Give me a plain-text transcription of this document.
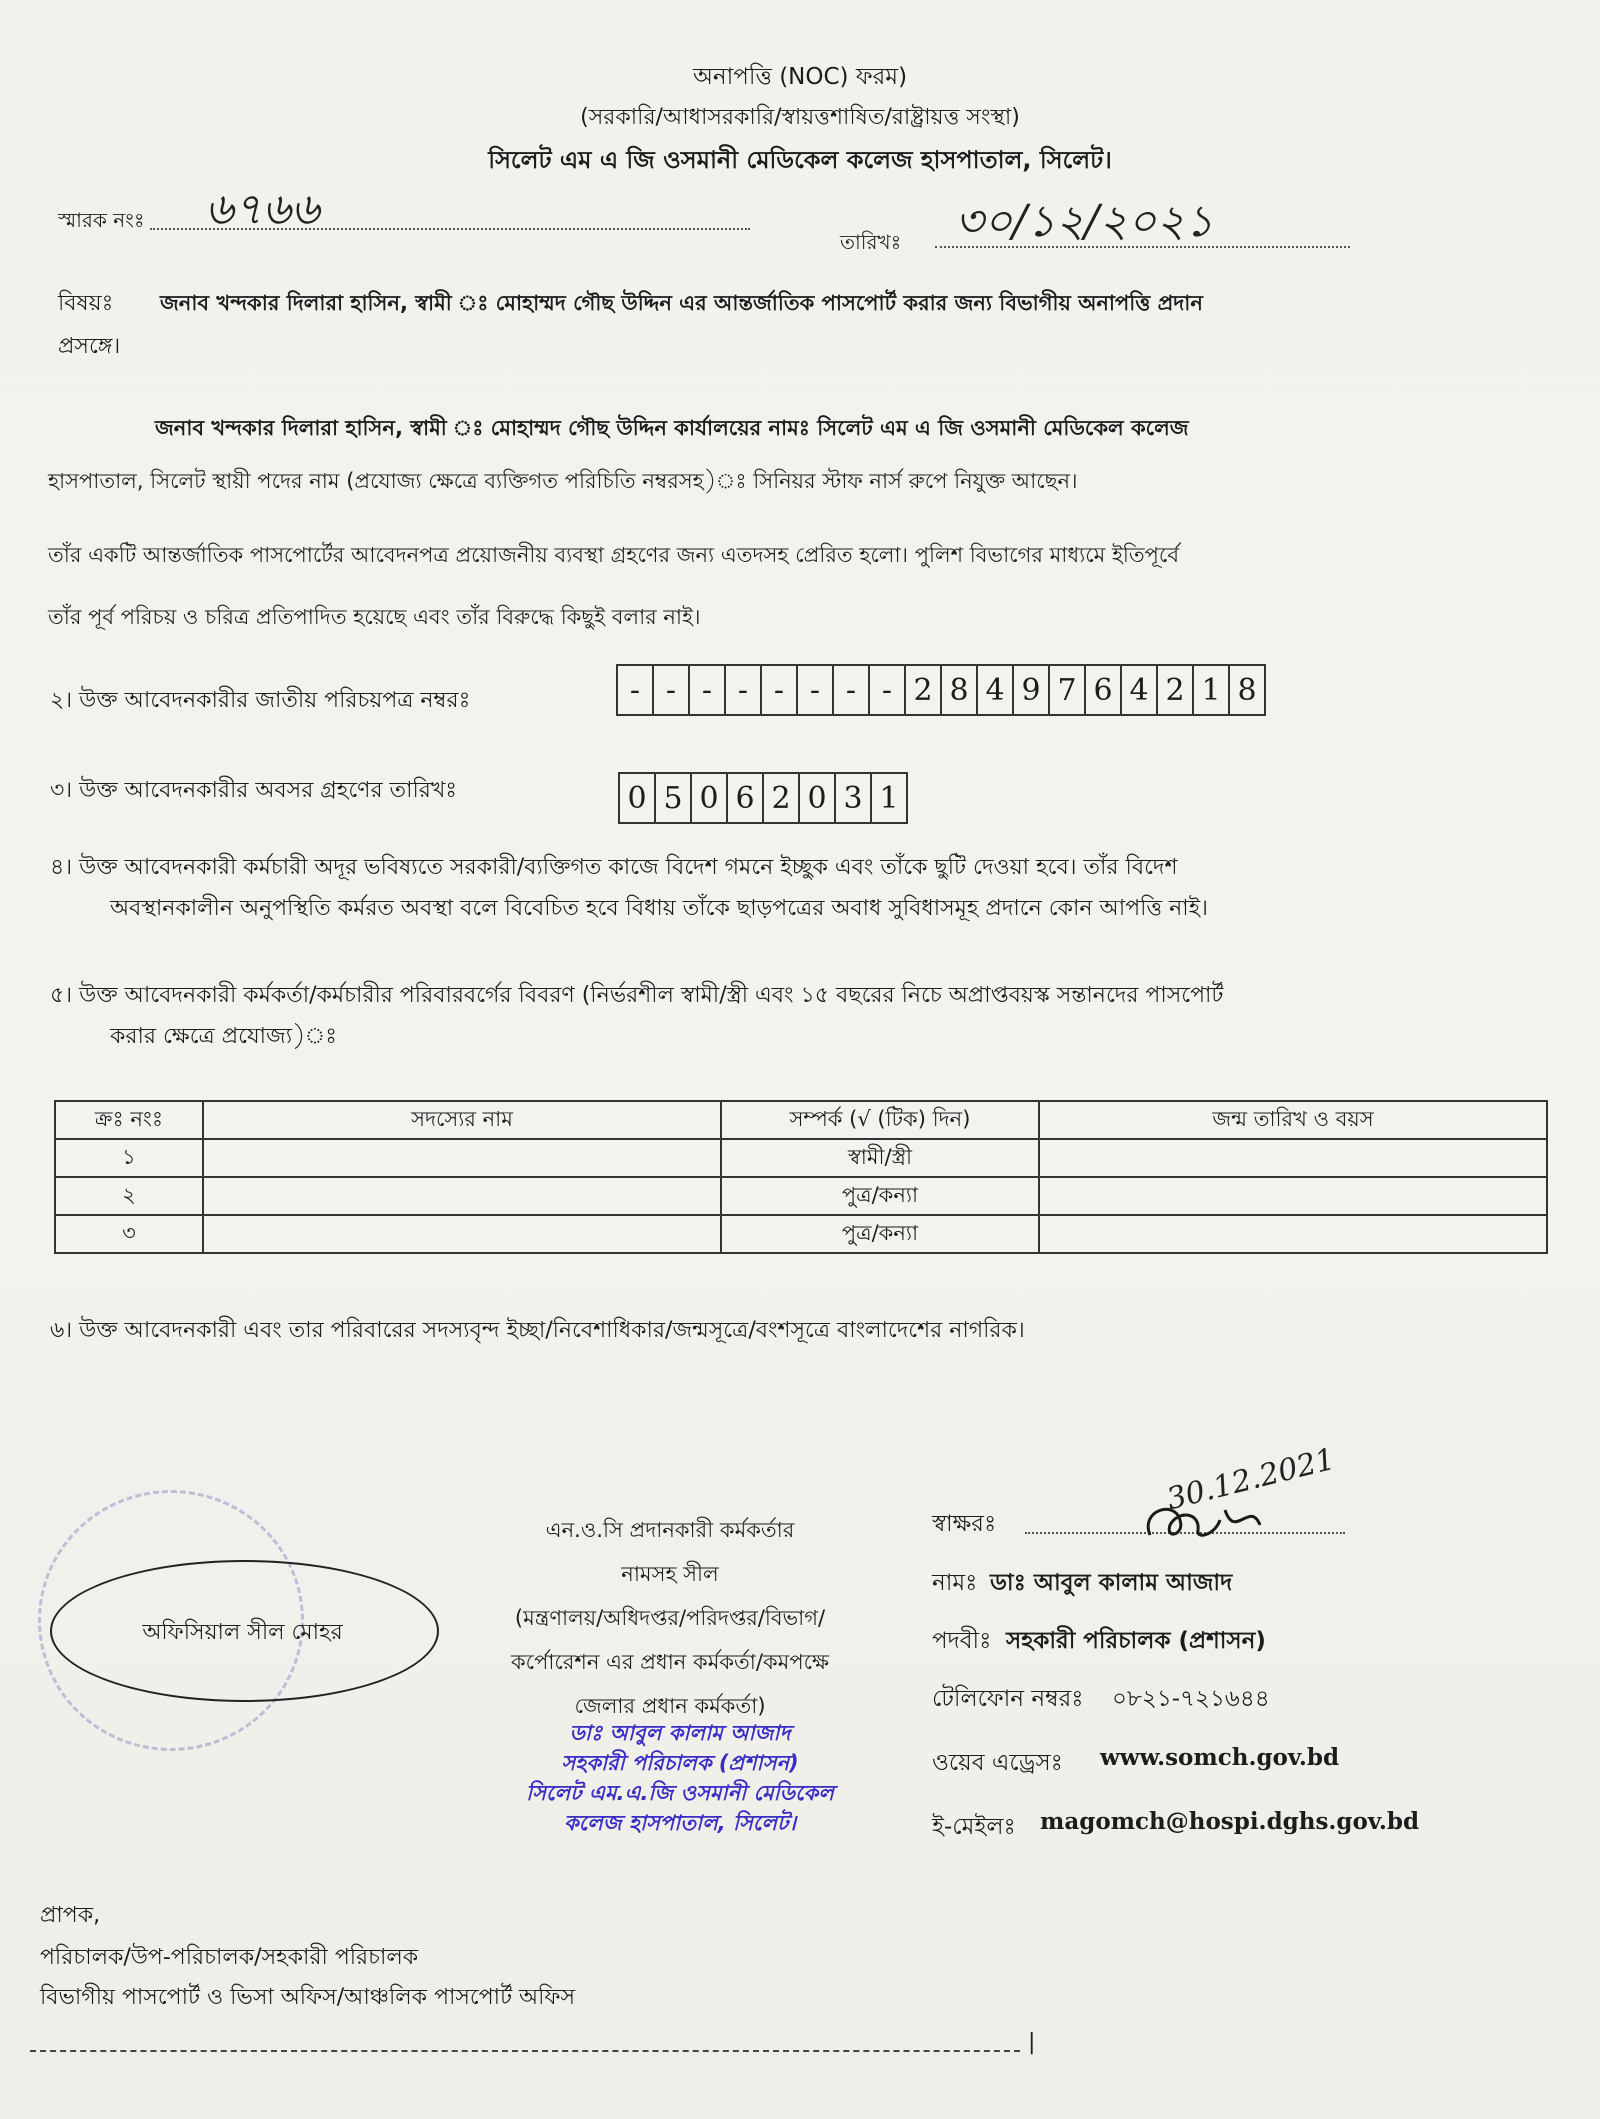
অনাপত্তি (NOC) ফরম)
(সরকারি/আধাসরকারি/স্বায়ত্তশাষিত/রাষ্ট্রায়ত্ত সংস্থা)
সিলেট এম এ জি ওসমানী মেডিকেল কলেজ হাসপাতাল, সিলেট।
স্মারক নংঃ ৬৭৬৬
তারিখঃ ৩০/১২/২০২১
বিষয়ঃ জনাব খন্দকার দিলারা হাসিন, স্বামী ঃ মোহাম্মদ গৌছ উদ্দিন এর আন্তর্জাতিক পাসপোর্ট করার জন্য বিভাগীয় অনাপত্তি প্রদান
প্রসঙ্গে।
জনাব খন্দকার দিলারা হাসিন, স্বামী ঃ মোহাম্মদ গৌছ উদ্দিন কার্যালয়ের নামঃ সিলেট এম এ জি ওসমানী মেডিকেল কলেজ
হাসপাতাল, সিলেট স্থায়ী পদের নাম (প্রযোজ্য ক্ষেত্রে ব্যক্তিগত পরিচিতি নম্বরসহ)ঃ সিনিয়র স্টাফ নার্স রুপে নিযুক্ত আছেন।
তাঁর একটি আন্তর্জাতিক পাসপোর্টের আবেদনপত্র প্রয়োজনীয় ব্যবস্থা গ্রহণের জন্য এতদসহ প্রেরিত হলো। পুলিশ বিভাগের মাধ্যমে ইতিপূর্বে
তাঁর পূর্ব পরিচয় ও চরিত্র প্রতিপাদিত হয়েছে এবং তাঁর বিরুদ্ধে কিছুই বলার নাই।
২। উক্ত আবেদনকারীর জাতীয় পরিচয়পত্র নম্বরঃ	- - - - - - - - 2 8 4 9 7 6 4 2 1 8
৩। উক্ত আবেদনকারীর অবসর গ্রহণের তারিখঃ	0 5 0 6 2 0 3 1
৪। উক্ত আবেদনকারী কর্মচারী অদূর ভবিষ্যতে সরকারী/ব্যক্তিগত কাজে বিদেশ গমনে ইচ্ছুক এবং তাঁকে ছুটি দেওয়া হবে। তাঁর বিদেশ
অবস্থানকালীন অনুপস্থিতি কর্মরত অবস্থা বলে বিবেচিত হবে বিধায় তাঁকে ছাড়পত্রের অবাধ সুবিধাসমূহ প্রদানে কোন আপত্তি নাই।
৫। উক্ত আবেদনকারী কর্মকর্তা/কর্মচারীর পরিবারবর্গের বিবরণ (নির্ভরশীল স্বামী/স্ত্রী এবং ১৫ বছরের নিচে অপ্রাপ্তবয়স্ক সন্তানদের পাসপোর্ট
করার ক্ষেত্রে প্রযোজ্য)ঃ
ক্রঃ নংঃ	সদস্যের নাম	সম্পর্ক (√ (টিক) দিন)	জন্ম তারিখ ও বয়স
১		স্বামী/স্ত্রী	
২		পুত্র/কন্যা	
৩		পুত্র/কন্যা	
৬। উক্ত আবেদনকারী এবং তার পরিবারের সদস্যবৃন্দ ইচ্ছা/নিবেশাধিকার/জন্মসূত্রে/বংশসূত্রে বাংলাদেশের নাগরিক।
অফিসিয়াল সীল মোহর
এন.ও.সি প্রদানকারী কর্মকর্তার
নামসহ সীল
(মন্ত্রণালয়/অধিদপ্তর/পরিদপ্তর/বিভাগ/
কর্পোরেশন এর প্রধান কর্মকর্তা/কমপক্ষে
জেলার প্রধান কর্মকর্তা)
ডাঃ আবুল কালাম আজাদ
সহকারী পরিচালক (প্রশাসন)
সিলেট এম.এ.জি ওসমানী মেডিকেল
কলেজ হাসপাতাল, সিলেট।
স্বাক্ষরঃ
30.12.2021
নামঃ ডাঃ আবুল কালাম আজাদ
পদবীঃ সহকারী পরিচালক (প্রশাসন)
টেলিফোন নম্বরঃ ০৮২১-৭২১৬৪৪
ওয়েব এড্রেসঃ www.somch.gov.bd
ই-মেইলঃ magomch@hospi.dghs.gov.bd
প্রাপক,
পরিচালক/উপ-পরিচালক/সহকারী পরিচালক
বিভাগীয় পাসপোর্ট ও ভিসা অফিস/আঞ্চলিক পাসপোর্ট অফিস
|
